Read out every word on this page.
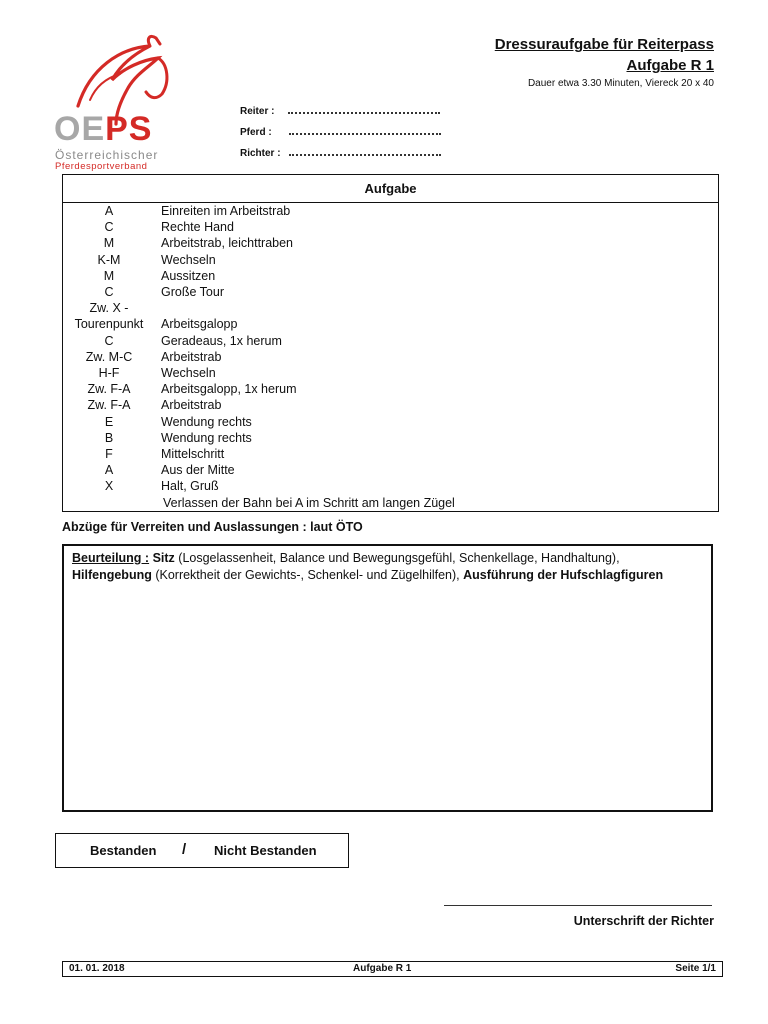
OEPS
Österreichischer
Pferdesportverband
Dressuraufgabe für Reiterpass
Aufgabe R 1
Dauer etwa 3.30 Minuten, Viereck 20 x 40
Reiter :
Pferd :
Richter :
Aufgabe
A	Einreiten im Arbeitstrab
C	Rechte Hand
M	Arbeitstrab, leichttraben
K-M	Wechseln
M	Aussitzen
C	Große Tour
Zw. X -
Tourenpunkt	Arbeitsgalopp
C	Geradeaus, 1x herum
Zw. M-C	Arbeitstrab
H-F	Wechseln
Zw. F-A	Arbeitsgalopp, 1x herum
Zw. F-A	Arbeitstrab
E	Wendung rechts
B	Wendung rechts
F	Mittelschritt
A	Aus der Mitte
X	Halt, Gruß
Verlassen der Bahn bei A im Schritt am langen Zügel
Abzüge für Verreiten und Auslassungen : laut ÖTO
Beurteilung : Sitz (Losgelassenheit, Balance und Bewegungsgefühl, Schenkellage, Handhaltung),
Hilfengebung (Korrektheit der Gewichts-, Schenkel- und Zügelhilfen), Ausführung der Hufschlagfiguren
Bestanden / Nicht Bestanden
Unterschrift der Richter
01. 01. 2018	Aufgabe R 1	Seite 1/1
